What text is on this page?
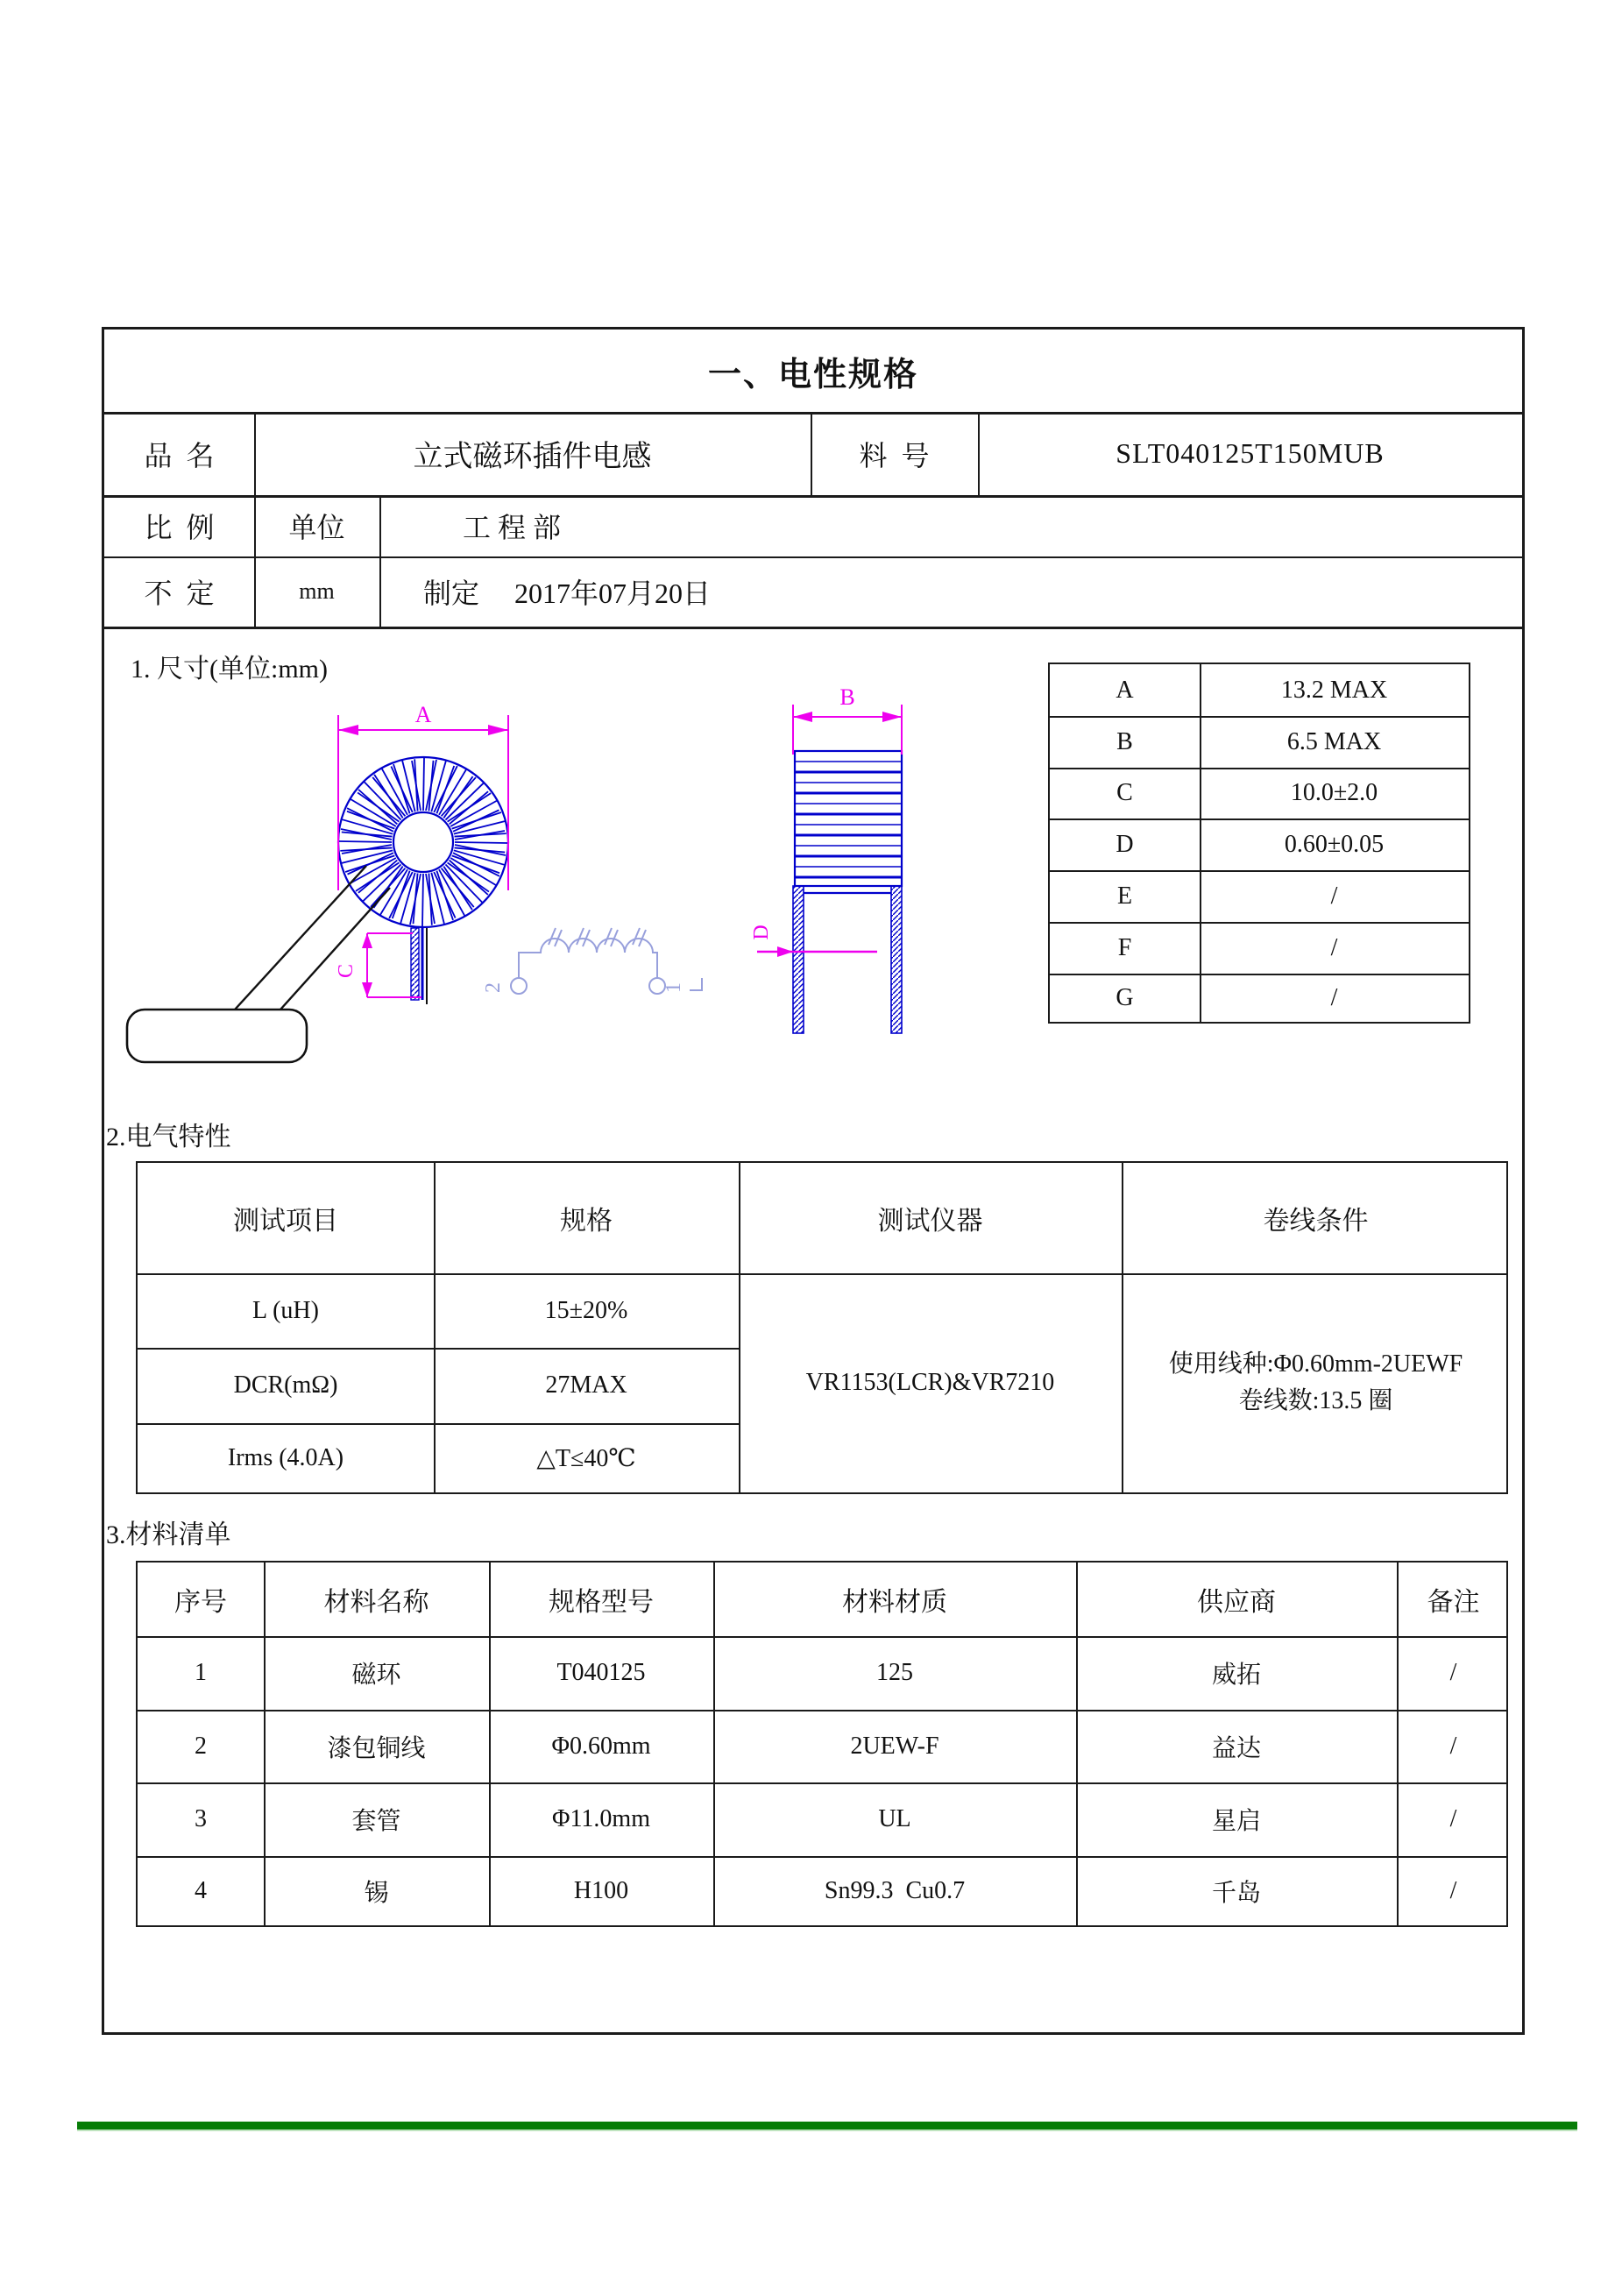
一、电性规格
品  名	立式磁环插件电感	料  号	SLT040125T150MUB
比  例	单位	工 程 部
不  定	mm	制定 2017年07月20日
1. 尺寸(单位:mm)
A
C
2	1
B
D
A	13.2 MAX
B	6.5 MAX
C	10.0±2.0
D	0.60±0.05
E	/
F	/
G	/
2.电气特性
测试项目	规格	测试仪器	卷线条件
L (uH)	15±20%
DCR(mΩ)	27MAX
Irms (4.0A)	△T≤40℃
VR1153(LCR)&VR7210
使用线种:Φ0.60mm-2UEWF
卷线数:13.5 圈
3.材料清单
序号	材料名称	规格型号	材料材质	供应商	备注
1	磁环	T040125	125	威拓	/
2	漆包铜线	Φ0.60mm	2UEW-F	益达	/
3	套管	Φ11.0mm	UL	星启	/
4	锡	H100	Sn99.3  Cu0.7	千岛	/
